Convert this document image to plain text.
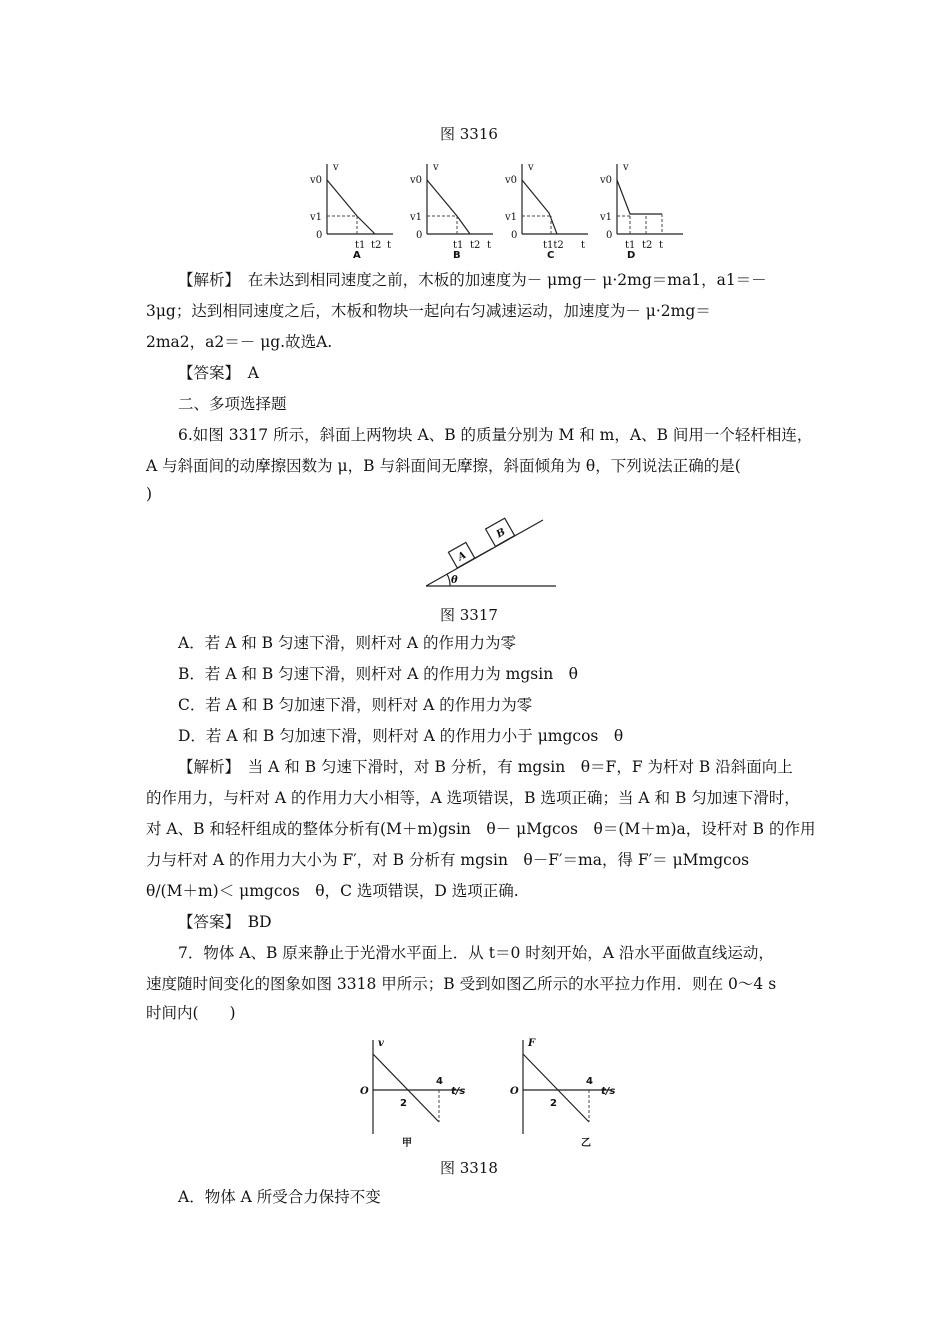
图 3316
v
v0
v1
0
t1 t2 t
A
v
v0
v1
0
t1 t2 t
B
v
v0
v1
0
t1t2 t
C
v
v0
v1
0
t1 t2 t
D
【解析】　在未达到相同速度之前，木板的加速度为－ μmg－ μ·2mg＝ma1，a1＝－
3μg；达到相同速度之后，木板和物块一起向右匀减速运动，加速度为－ μ·2mg＝
2ma2，a2＝－ μg.故选A.
【答案】　A
二、多项选择题
6.如图 3317 所示，斜面上两物块 A、B 的质量分别为 M 和 m，A、B 间用一个轻杆相连，
A 与斜面间的动摩擦因数为 μ，B 与斜面间无摩擦，斜面倾角为 θ，下列说法正确的是(
)
A
B
θ
图 3317
A．若 A 和 B 匀速下滑，则杆对 A 的作用力为零
B．若 A 和 B 匀速下滑，则杆对 A 的作用力为 mgsin　θ
C．若 A 和 B 匀加速下滑，则杆对 A 的作用力为零
D．若 A 和 B 匀加速下滑，则杆对 A 的作用力小于 μmgcos　θ
【解析】　当 A 和 B 匀速下滑时，对 B 分析，有 mgsin　θ＝F，F 为杆对 B 沿斜面向上
的作用力，与杆对 A 的作用力大小相等，A 选项错误，B 选项正确；当 A 和 B 匀加速下滑时，
对 A、B 和轻杆组成的整体分析有(M＋m)gsin　θ－ μMgcos　θ＝(M＋m)a，设杆对 B 的作用
力与杆对 A 的作用力大小为 F′，对 B 分析有 mgsin　θ－F′＝ma，得 F′＝ μMmgcos
θ/(M＋m)＜ μmgcos　θ，C 选项错误，D 选项正确.
【答案】　BD
7．物体 A、B 原来静止于光滑水平面上．从 t＝0 时刻开始，A 沿水平面做直线运动，
速度随时间变化的图象如图 3318 甲所示；B 受到如图乙所示的水平拉力作用．则在 0～4 s
时间内(　　)
v
O
2
4
t/s
甲
F
O
2
4
t/s
乙
图 3318
A．物体 A 所受合力保持不变
